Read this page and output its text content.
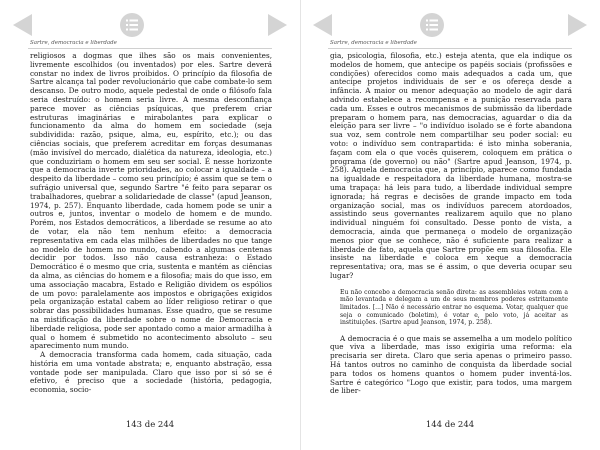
Sartre, democracia e liberdade

religiosos a dogmas que ilhes são os mais convenientes, livremente escolhidos (ou inventados) por eles. Sartre deverá constar no index de livros proibidos. O princípio da filosofia de Sartre alcança tal poder revolucionário que cabe combate-lo sem descanso. De outro modo, aquele pedestal de onde o filósofo fala seria destruído: o homem seria livre. A mesma desconfiança parece mover as ciências psíquicas, que preferem criar estruturas imaginárias e mirabolantes para explicar o funcionamento da alma do homem em sociedade (seja subdividida: razão, psique, alma, eu, espírito, etc.); ou das ciências sociais, que preferem acreditar em forças desumanas (mão invisível do mercado, dialética da natureza, ideologia, etc.) que conduziriam o homem em seu ser social. É nesse horizonte que a democracia inverte prioridades, ao colocar a igualdade – a despeito da liberdade – como seu princípio; é assim que se tem o sufrágio universal que, segundo Sartre "é feito para separar os trabalhadores, quebrar a solidariedade de classe" (apud Jeanson, 1974, p. 257). Enquanto liberdade, cada homem pode se unir a outros e, juntos, inventar o modelo de homem e de mundo. Porém, nos Estados democráticos, a liberdade se resume ao ato de votar, ela não tem nenhum efeito: a democracia representativa em cada elas milhões de liberdades no que tange ao modelo de homem no mundo, cabendo a algumas centenas decidir por todos. Isso não causa estranheza: o Estado Democrático é o mesmo que cria, sustenta e mantém as ciências da alma, as ciências do homem e a filosofia; mais do que isso, em uma associação macabra, Estado e Religião dividem os espólios de um povo: paralelamente aos impostos e obrigações exigidos pela organização estatal cabem ao líder religioso retirar o que sobrar das possibilidades humanas. Esse quadro, que se resume na mistificação da liberdade sobre o nome de Democracia e liberdade religiosa, pode ser apontado como a maior armadilha à qual o homem é submetido no acontecimento absoluto – seu aparecimento num mundo.

A democracia transforma cada homem, cada situação, cada história em uma vontade abstrata; e, enquanto abstração, essa vontade pode ser manipulada. Claro que isso por si só se é efetivo, é preciso que a sociedade (história, pedagogia, economia, socio-

143 de 244
Sartre, democracia e liberdade

gia, psicologia, filosofia, etc.) esteja atenta, que ela indique os modelos de homem, que antecipe os papéis sociais (profissões e condições) oferecidos como mais adequados a cada um, que antecipe projetos individuais de ser e os ofereça desde a infância. A maior ou menor adequação ao modelo de agir dará advindo estabelece a recompensa e a punição reservada para cada um. Esses e outros mecanismos de submissão da liberdade preparam o homem para, nas democracias, aguardar o dia da eleição para ser livre – "o indivíduo isolado se é forte abandona sua voz, sem controle nem compartilhar seu poder social: eu voto: o indivíduo sem contrapartida: é isto minha soberania, façam com ela o que vocês quiserem, coloquem em prática o programa (de governo) ou não" (Sartre apud Jeanson, 1974, p. 258). Aquela democracia que, a princípio, aparece como fundada na igualdade e respeitadora da liberdade humana, mostra-se uma trapaça: há leis para tudo, a liberdade individual sempre ignorada; há regras e decisões de grande impacto em toda organização social, mas os indivíduos parecem atordoados, assistindo seus governantes realizarem aquilo que no plano individual ninguém foi consultado. Desse ponto de vista, a democracia, ainda que permaneça o modelo de organização menos pior que se conhece, não é suficiente para realizar a liberdade de fato, aquela que Sartre propõe em sua filosofia. Ele insiste na liberdade e coloca em xeque a democracia representativa; ora, mas se é assim, o que deveria ocupar seu lugar?

Eu não concebo a democracia senão direta: as assembleias votam com a mão levantada e delegam a um de seus membros poderes estritamente limitados. [...] Não é necessário entrar no esquema. Votar, qualquer que seja o comunicado (boletim), é votar e, pelo voto, já aceitar as instituições. (Sartre apud Jeanson, 1974, p. 258).

A democracia é o que mais se assemelha a um modelo político que viva a liberdade, mas isso exigiria uma reforma: ela precisaria ser direta. Claro que seria apenas o primeiro passo. Há tantos outros no caminho de conquista da liberdade social para todos os homens quantos o homem puder inventá-los. Sartre é categórico "Logo que existir, para todos, uma margem de liber-

144 de 244
